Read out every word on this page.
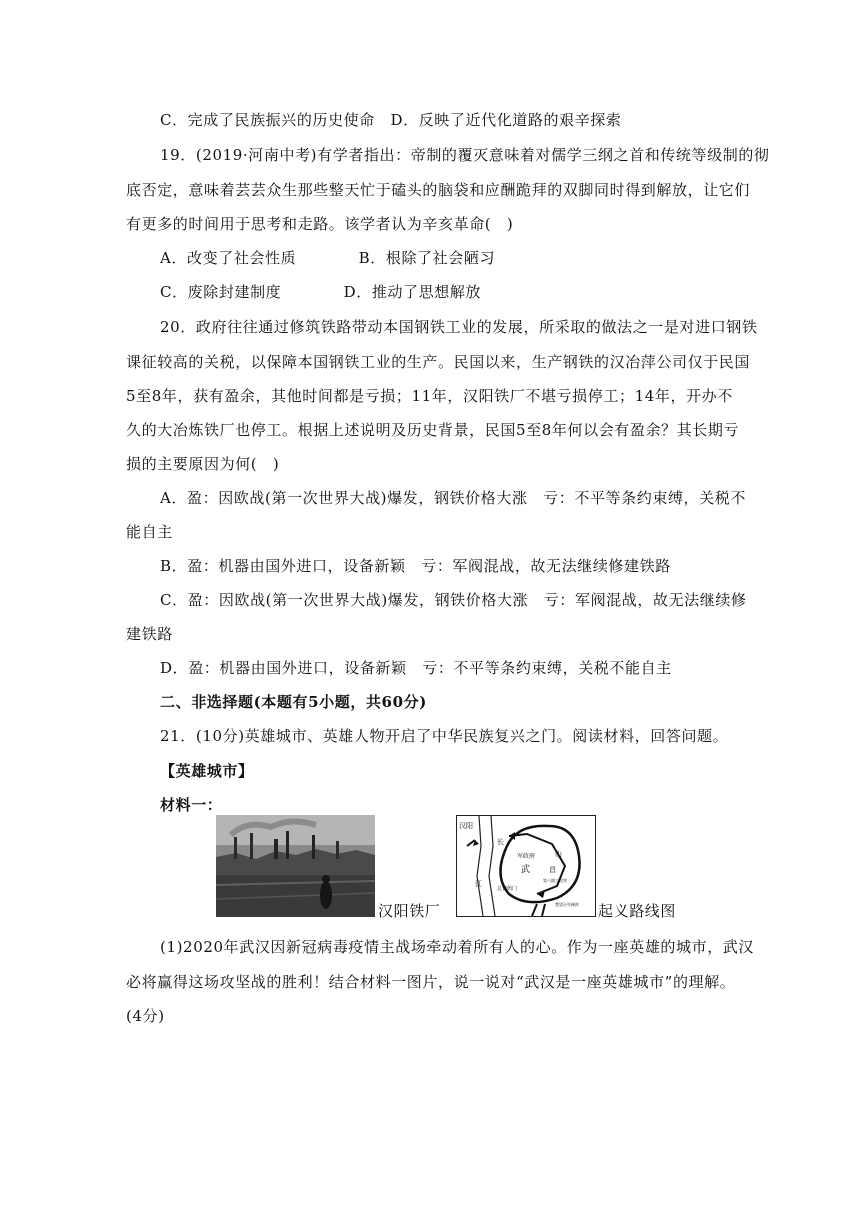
C．完成了民族振兴的历史使命　D．反映了近代化道路的艰辛探索
19．(2019·河南中考)有学者指出：帝制的覆灭意味着对儒学三纲之首和传统等级制的彻
底否定，意味着芸芸众生那些整天忙于磕头的脑袋和应酬跪拜的双脚同时得到解放，让它们
有更多的时间用于思考和走路。该学者认为辛亥革命(　)
A．改变了社会性质　　　　B．根除了社会陋习
C．废除封建制度　　　　D．推动了思想解放
20．政府往往通过修筑铁路带动本国钢铁工业的发展，所采取的做法之一是对进口钢铁
课征较高的关税，以保障本国钢铁工业的生产。民国以来，生产钢铁的汉冶萍公司仅于民国
5至8年，获有盈余，其他时间都是亏损；11年，汉阳铁厂不堪亏损停工；14年，开办不
久的大冶炼铁厂也停工。根据上述说明及历史背景，民国5至8年何以会有盈余？其长期亏
损的主要原因为何(　)
A．盈：因欧战(第一次世界大战)爆发，钢铁价格大涨　亏：不平等条约束缚，关税不
能自主
B．盈：机器由国外进口，设备新颖　亏：军阀混战，故无法继续修建铁路
C．盈：因欧战(第一次世界大战)爆发，钢铁价格大涨　亏：军阀混战，故无法继续修
建铁路
D．盈：机器由国外进口，设备新颖　亏：不平等条约束缚，关税不能自主
二、非选择题(本题有5小题，共60分)
21．(10分)英雄城市、英雄人物开启了中华民族复兴之门。阅读材料，回答问题。
【英雄城市】
材料一：
汉阳铁厂
汉阳
长
江
军政府	山
武	昌
第八镇工程营
总督衙门
楚望台军械库 起义路线图
(1)2020年武汉因新冠病毒疫情主战场牵动着所有人的心。作为一座英雄的城市，武汉
必将赢得这场攻坚战的胜利！结合材料一图片，说一说对“武汉是一座英雄城市”的理解。
(4分)
